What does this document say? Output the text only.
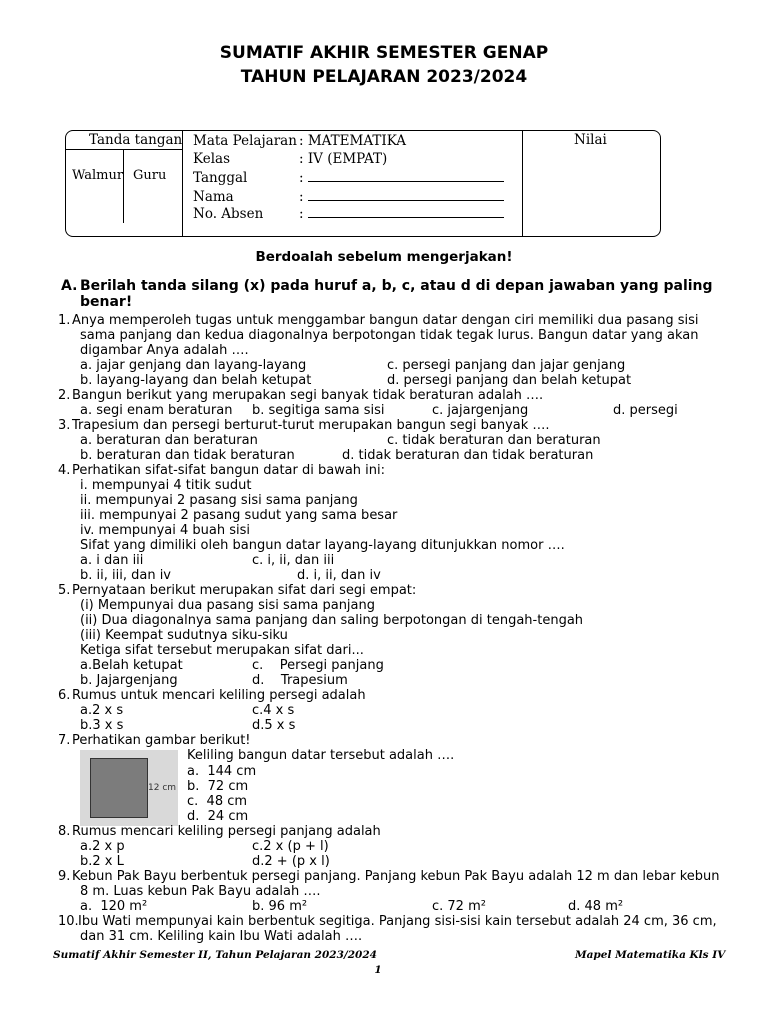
SUMATIF AKHIR SEMESTER GENAP
TAHUN PELAJARAN 2023/2024
Tanda tangan
Walmur Guru
Nilai
Mata Pelajaran : MATEMATIKA
Kelas	: IV (EMPAT)
Tanggal	:
Nama	:
No. Absen	:
Berdoalah sebelum mengerjakan!
A. Berilah tanda silang (x) pada huruf a, b, c, atau d di depan jawaban yang paling
benar!
1.
2.
3.
4.
5.
6.
7.
8.
9.
10.
Anya memperoleh tugas untuk menggambar bangun datar dengan ciri memiliki dua pasang sisi
sama panjang dan kedua diagonalnya berpotongan tidak tegak lurus. Bangun datar yang akan
digambar Anya adalah ….
a. jajar genjang dan layang-layang	c. persegi panjang dan jajar genjang
b. layang-layang dan belah ketupat	d. persegi panjang dan belah ketupat
Bangun berikut yang merupakan segi banyak tidak beraturan adalah ….
a. segi enam beraturan b. segitiga sama sisi	c. jajargenjang	d. persegi
Trapesium dan persegi berturut-turut merupakan bangun segi banyak ….
a. beraturan dan beraturan	c. tidak beraturan dan beraturan
b. beraturan dan tidak beraturan	d. tidak beraturan dan tidak beraturan
Perhatikan sifat-sifat bangun datar di bawah ini:
i. mempunyai 4 titik sudut
ii. mempunyai 2 pasang sisi sama panjang
iii. mempunyai 2 pasang sudut yang sama besar
iv. mempunyai 4 buah sisi
Sifat yang dimiliki oleh bangun datar layang-layang ditunjukkan nomor ….
a. i dan iii	c. i, ii, dan iii
b. ii, iii, dan iv	d. i, ii, dan iv
Pernyataan berikut merupakan sifat dari segi empat:
(i) Mempunyai dua pasang sisi sama panjang
(ii) Dua diagonalnya sama panjang dan saling berpotongan di tengah-tengah
(iii) Keempat sudutnya siku-siku
Ketiga sifat tersebut merupakan sifat dari...
a.Belah ketupat	c.    Persegi panjang
b. Jajargenjang	d.    Trapesium
Rumus untuk mencari keliling persegi adalah
a.2 x s	c.4 x s
b.3 x s	d.5 x s
Perhatikan gambar berikut!
12 cm
Keliling bangun datar tersebut adalah ….
a.  144 cm
b.  72 cm
c.  48 cm
d.  24 cm
Rumus mencari keliling persegi panjang adalah
a.2 x p	c.2 x (p + l)
b.2 x L	d.2 + (p x l)
Kebun Pak Bayu berbentuk persegi panjang. Panjang kebun Pak Bayu adalah 12 m dan lebar kebun
8 m. Luas kebun Pak Bayu adalah ….
a.  120 m²	b. 96 m²	c. 72 m²	d. 48 m²
Ibu Wati mempunyai kain berbentuk segitiga. Panjang sisi-sisi kain tersebut adalah 24 cm, 36 cm,
dan 31 cm. Keliling kain Ibu Wati adalah ….
Sumatif Akhir Semester II, Tahun Pelajaran 2023/2024	Mapel Matematika Kls IV
1
